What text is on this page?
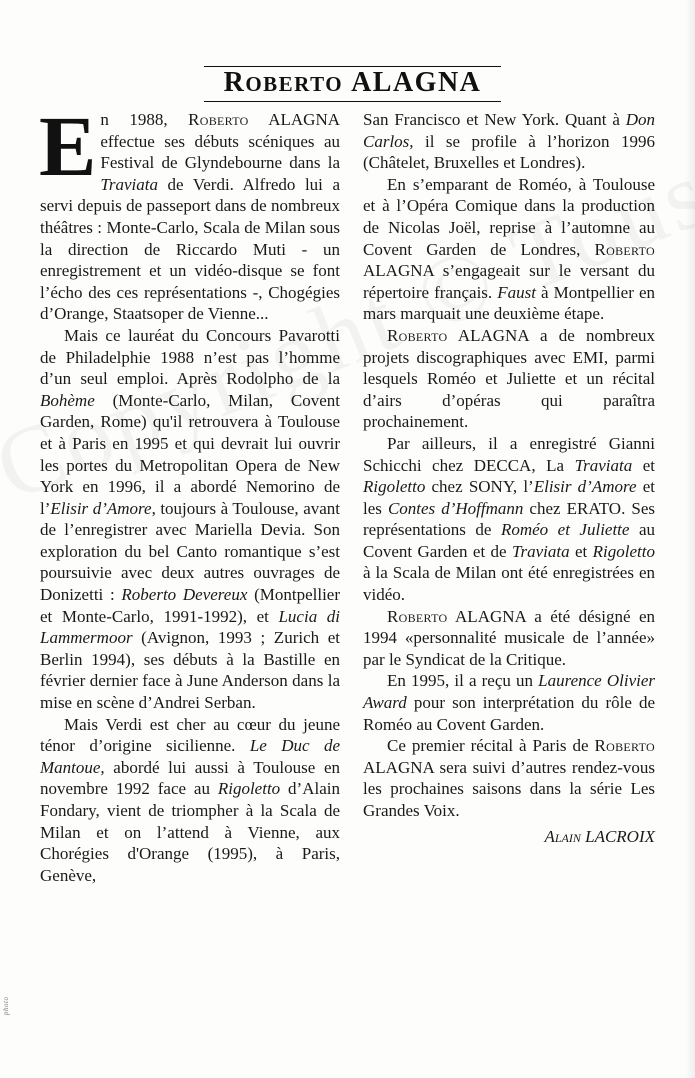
photo
ROBERTO ALAGNA

En 1988, Roberto ALAGNA effectue ses débuts scéniques au Festival de Glyndebourne dans la Traviata de Verdi. Alfredo lui a servi depuis de passeport dans de nombreux théâtres : Monte-Carlo, Scala de Milan sous la direction de Riccardo Muti - un enregistrement et un vidéo-disque se font l’écho des ces représentations -, Chogégies d’Orange, Staatsoper de Vienne...

Mais ce lauréat du Concours Pavarotti de Philadelphie 1988 n’est pas l’homme d’un seul emploi. Après Rodolpho de la Bohème (Monte-Carlo, Milan, Covent Garden, Rome) qu'il retrouvera à Toulouse et à Paris en 1995 et qui devrait lui ouvrir les portes du Metropolitan Opera de New York en 1996, il a abordé Nemorino de l’Elisir d’Amore, toujours à Toulouse, avant de l’enregistrer avec Mariella Devia. Son exploration du bel Canto romantique s’est poursuivie avec deux autres ouvrages de Donizetti : Roberto Devereux (Montpellier et Monte-Carlo, 1991-1992), et Lucia di Lammermoor (Avignon, 1993 ; Zurich et Berlin 1994), ses débuts à la Bastille en février dernier face à June Anderson dans la mise en scène d’Andrei Serban.

Mais Verdi est cher au cœur du jeune ténor d’origine sicilienne. Le Duc de Mantoue, abordé lui aussi à Toulouse en novembre 1992 face au Rigoletto d’Alain Fondary, vient de triompher à la Scala de Milan et on l’attend à Vienne, aux Chorégies d'Orange (1995), à Paris, Genève,

San Francisco et New York. Quant à Don Carlos, il se profile à l’horizon 1996 (Châtelet, Bruxelles et Londres).

En s’emparant de Roméo, à Toulouse et à l’Opéra Comique dans la production de Nicolas Joël, reprise à l’automne au Covent Garden de Londres, Roberto ALAGNA s’engageait sur le versant du répertoire français. Faust à Montpellier en mars marquait une deuxième étape.

Roberto ALAGNA a de nombreux projets discographiques avec EMI, parmi lesquels Roméo et Juliette et un récital d’airs d’opéras qui paraîtra prochainement.

Par ailleurs, il a enregistré Gianni Schicchi chez DECCA, La Traviata et Rigoletto chez SONY, l’Elisir d’Amore et les Contes d’Hoffmann chez ERATO. Ses représentations de Roméo et Juliette au Covent Garden et de Traviata et Rigoletto à la Scala de Milan ont été enregistrées en vidéo.

Roberto ALAGNA a été désigné en 1994 «personnalité musicale de l’année» par le Syndicat de la Critique.

En 1995, il a reçu un Laurence Olivier Award pour son interprétation du rôle de Roméo au Covent Garden.

Ce premier récital à Paris de Roberto ALAGNA sera suivi d’autres rendez-vous les prochaines saisons dans la série Les Grandes Voix.

Alain LACROIX
